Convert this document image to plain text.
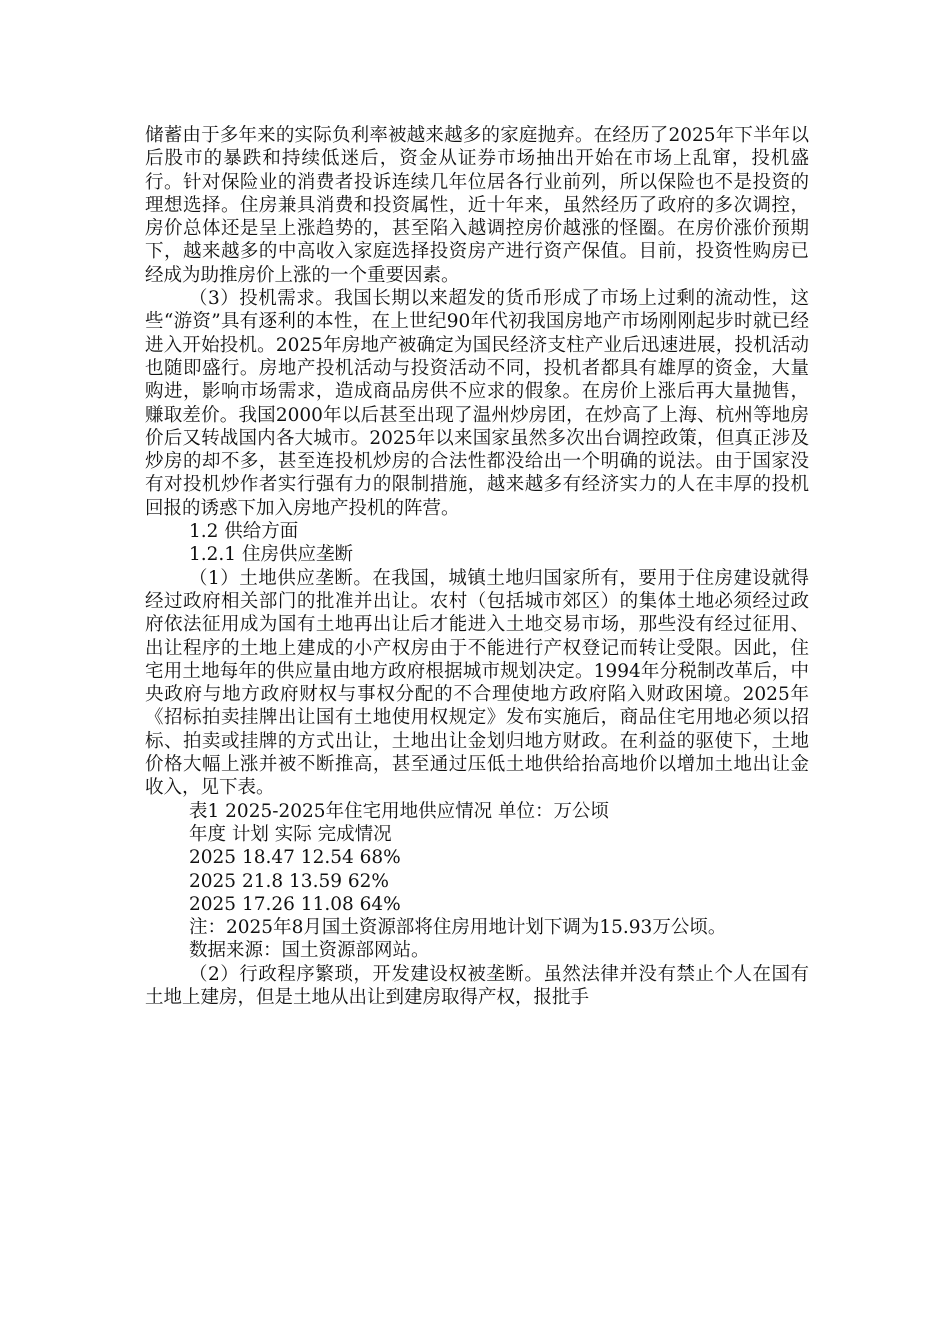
储蓄由于多年来的实际负利率被越来越多的家庭抛弃。在经历了2025年下半年以后股市的暴跌和持续低迷后，资金从证券市场抽出开始在市场上乱窜，投机盛行。针对保险业的消费者投诉连续几年位居各行业前列，所以保险也不是投资的理想选择。住房兼具消费和投资属性，近十年来，虽然经历了政府的多次调控，房价总体还是呈上涨趋势的，甚至陷入越调控房价越涨的怪圈。在房价涨价预期下，越来越多的中高收入家庭选择投资房产进行资产保值。目前，投资性购房已经成为助推房价上涨的一个重要因素。

（3）投机需求。我国长期以来超发的货币形成了市场上过剩的流动性，这些“游资”具有逐利的本性，在上世纪90年代初我国房地产市场刚刚起步时就已经进入开始投机。2025年房地产被确定为国民经济支柱产业后迅速进展，投机活动也随即盛行。房地产投机活动与投资活动不同，投机者都具有雄厚的资金，大量购进，影响市场需求，造成商品房供不应求的假象。在房价上涨后再大量抛售，赚取差价。我国2000年以后甚至出现了温州炒房团，在炒高了上海、杭州等地房价后又转战国内各大城市。2025年以来国家虽然多次出台调控政策，但真正涉及炒房的却不多，甚至连投机炒房的合法性都没给出一个明确的说法。由于国家没有对投机炒作者实行强有力的限制措施，越来越多有经济实力的人在丰厚的投机回报的诱惑下加入房地产投机的阵营。

1.2 供给方面

1.2.1 住房供应垄断

（1）土地供应垄断。在我国，城镇土地归国家所有，要用于住房建设就得经过政府相关部门的批准并出让。农村（包括城市郊区）的集体土地必须经过政府依法征用成为国有土地再出让后才能进入土地交易市场，那些没有经过征用、出让程序的土地上建成的小产权房由于不能进行产权登记而转让受限。因此，住宅用土地每年的供应量由地方政府根据城市规划决定。1994年分税制改革后，中央政府与地方政府财权与事权分配的不合理使地方政府陷入财政困境。2025年《招标拍卖挂牌出让国有土地使用权规定》发布实施后，商品住宅用地必须以招标、拍卖或挂牌的方式出让，土地出让金划归地方财政。在利益的驱使下，土地价格大幅上涨并被不断推高，甚至通过压低土地供给抬高地价以增加土地出让金收入，见下表。

表1 2025-2025年住宅用地供应情况 单位：万公顷

年度 计划 实际 完成情况

2025 18.47 12.54 68%

2025 21.8 13.59 62%

2025 17.26 11.08 64%

注：2025年8月国土资源部将住房用地计划下调为15.93万公顷。

数据来源：国土资源部网站。

（2）行政程序繁琐，开发建设权被垄断。虽然法律并没有禁止个人在国有土地上建房，但是土地从出让到建房取得产权，报批手
